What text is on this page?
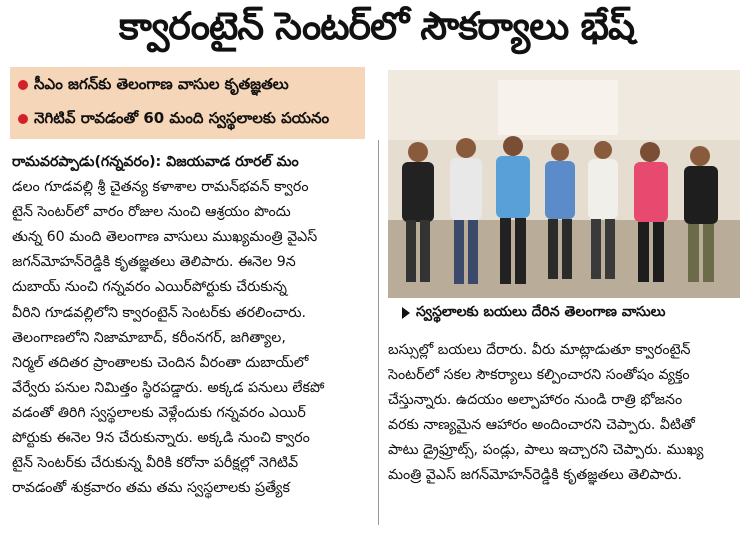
క్వారంటైన్ సెంటర్‌లో సౌకర్యాలు భేష్
సీఎం జగన్‌కు తెలంగాణ వాసుల కృతజ్ఞతలు
నెగిటివ్ రావడంతో 60 మంది స్వస్థలాలకు పయనం
రామవరప్పాడు(గన్నవరం): విజయవాడ రూరల్ మం
డలం గూడవల్లి శ్రీ చైతన్య కళాశాల రామన్‌భవన్ క్వారం
టైన్ సెంటర్‌లో వారం రోజుల నుంచి ఆశ్రయం పొందు
తున్న 60 మంది తెలంగాణ వాసులు ముఖ్యమంత్రి వైఎస్
జగన్‌మోహన్‌రెడ్డికి కృతజ్ఞతలు తెలిపారు. ఈనెల 9న
దుబాయ్ నుంచి గన్నవరం ఎయిర్‌పోర్టుకు చేరుకున్న
వీరిని గూడవల్లిలోని క్వారంటైన్ సెంటర్‌కు తరలించారు.
తెలంగాణలోని నిజామాబాద్, కరీంనగర్, జగిత్యాల,
నిర్మల్ తదితర ప్రాంతాలకు చెందిన వీరంతా దుబాయ్‌లో
వేర్వేరు పనుల నిమిత్తం స్థిరపడ్డారు. అక్కడ పనులు లేకపో
వడంతో తిరిగి స్వస్థలాలకు వెళ్లేందుకు గన్నవరం ఎయిర్
పోర్టుకు ఈనెల 9న చేరుకున్నారు. అక్కడి నుంచి క్వారం
టైన్ సెంటర్‌కు చేరుకున్న వీరికి కరోనా పరీక్షల్లో నెగిటివ్
రావడంతో శుక్రవారం తమ తమ స్వస్థలాలకు ప్రత్యేక
స్వస్థలాలకు బయలు దేరిన తెలంగాణ వాసులు
బస్సుల్లో బయలు దేరారు. వీరు మాట్లాడుతూ క్వారంటైన్
సెంటర్‌లో సకల సౌకర్యాలు కల్పించారని సంతోషం వ్యక్తం
చేస్తున్నారు. ఉదయం అల్పాహారం నుండి రాత్రి భోజనం
వరకు నాణ్యమైన ఆహారం అందించారని చెప్పారు. వీటితో
పాటు డ్రైఫ్రూట్స్, పండ్లు, పాలు ఇచ్చారని చెప్పారు. ముఖ్య
మంత్రి వైఎస్ జగన్‌మోహన్‌రెడ్డికి కృతజ్ఞతలు తెలిపారు.
